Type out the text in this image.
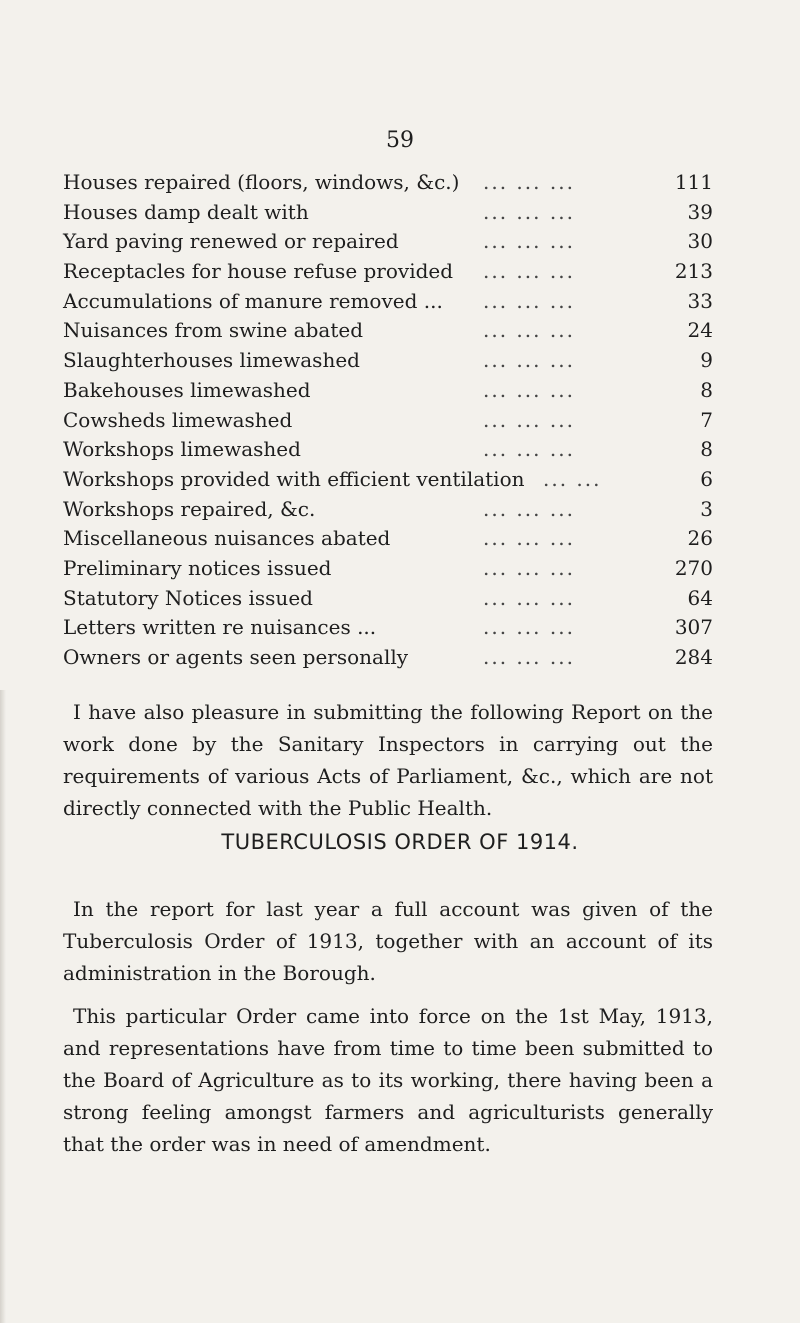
59
Houses repaired (floors, windows, &c.) ... ... ...	111
Houses damp dealt with	... ... ...	39
Yard paving renewed or repaired	... ... ...	30
Receptacles for house refuse provided ... ... ...	213
Accumulations of manure removed ... ... ... ...	33
Nuisances from swine abated	... ... ...	24
Slaughterhouses limewashed	... ... ...	9
Bakehouses limewashed	... ... ...	8
Cowsheds limewashed	... ... ...	7
Workshops limewashed	... ... ...	8
Workshops provided with efficient ventilation ... ...	6
Workshops repaired, &c.	... ... ...	3
Miscellaneous nuisances abated	... ... ...	26
Preliminary notices issued	... ... ...	270
Statutory Notices issued	... ... ...	64
Letters written re nuisances ...	... ... ...	307
Owners or agents seen personally	... ... ...	284
I have also pleasure in submitting the following Report on the work done by the Sanitary Inspectors in carrying out the requirements of various Acts of Parliament, &c., which are not directly connected with the Public Health.
TUBERCULOSIS ORDER OF 1914.
In the report for last year a full account was given of the Tuberculosis Order of 1913, together with an account of its administration in the Borough.
This particular Order came into force on the 1st May, 1913, and representations have from time to time been submitted to the Board of Agriculture as to its working, there having been a strong feeling amongst farmers and agriculturists generally that the order was in need of amendment.
